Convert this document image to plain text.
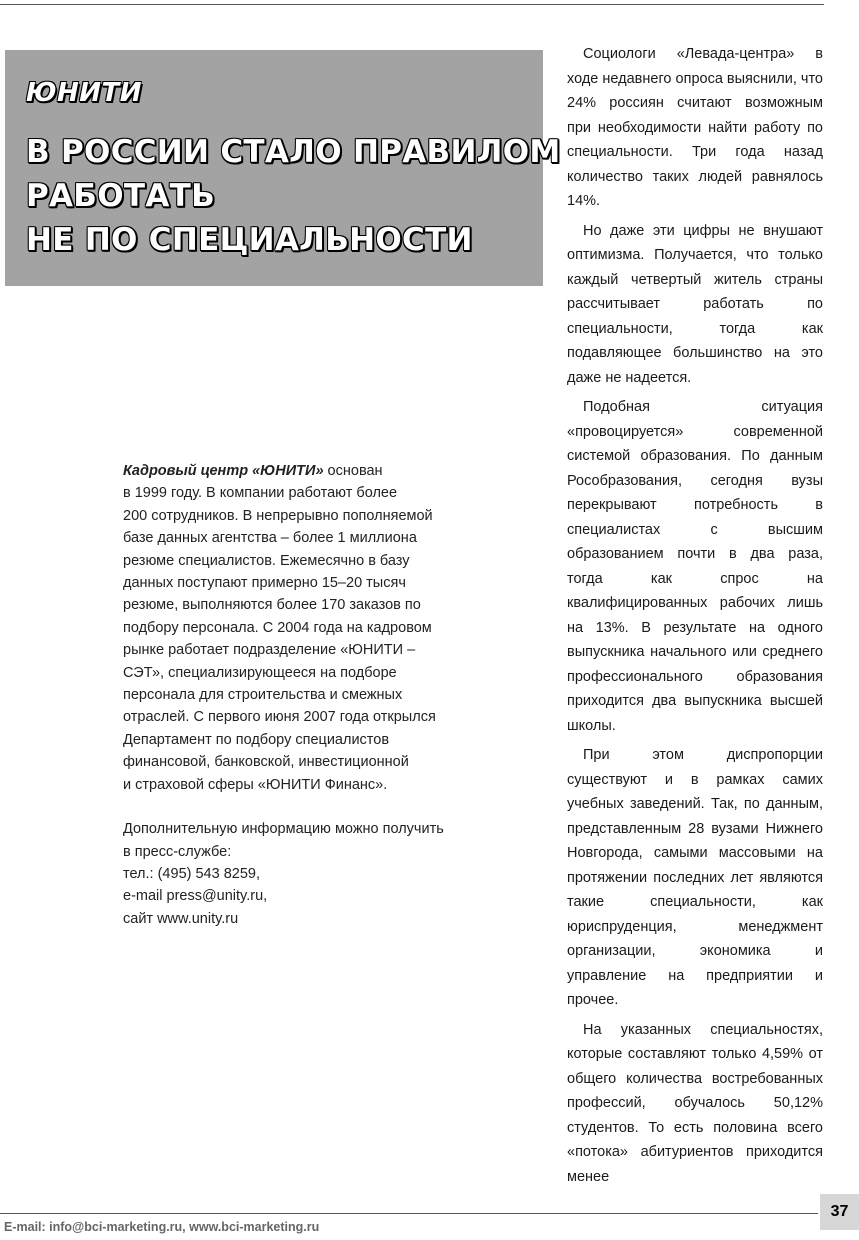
ЮНИТИ
В РОССИИ СТАЛО ПРАВИЛОМ
РАБОТАТЬ
НЕ ПО СПЕЦИАЛЬНОСТИ

Кадровый центр «ЮНИТИ» основан
в 1999 году. В компании работают более
200 сотрудников. В непрерывно пополняемой
базе данных агентства – более 1 миллиона
резюме специалистов. Ежемесячно в базу
данных поступают примерно 15–20 тысяч
резюме, выполняются более 170 заказов по
подбору персонала. С 2004 года на кадровом
рынке работает подразделение «ЮНИТИ –
СЭТ», специализирующееся на подборе
персонала для строительства и смежных
отраслей. С первого июня 2007 года открылся
Департамент по подбору специалистов
финансовой, банковской, инвестиционной
и страховой сферы «ЮНИТИ Финанс».

Дополнительную информацию можно получить
в пресс-службе:
тел.: (495) 543 8259,
e-mail press@unity.ru,
сайт www.unity.ru

Социологи «Левада-центра» в ходе недавнего опроса выяснили, что 24% россиян считают возможным при необходимости найти работу по специальности. Три года назад количество таких людей равнялось 14%.

Но даже эти цифры не внушают оптимизма. Получается, что только каждый четвертый житель страны рассчитывает работать по специальности, тогда как подавляющее большинство на это даже не надеется.

Подобная ситуация «провоцируется» современной системой образования. По данным Рособразования, сегодня вузы перекрывают потребность в специалистах с высшим образованием почти в два раза, тогда как спрос на квалифицированных рабочих лишь на 13%. В результате на одного выпускника начального или среднего профессионального образования приходится два выпускника высшей школы.

При этом диспропорции существуют и в рамках самих учебных заведений. Так, по данным, представленным 28 вузами Нижнего Новгорода, самыми массовыми на протяжении последних лет являются такие специальности, как юриспруденция, менеджмент организации, экономика и управление на предприятии и прочее.

На указанных специальностях, которые составляют только 4,59% от общего количества востребованных профессий, обучалось 50,12% студентов. То есть половина всего «потока» абитуриентов приходится менее

E-mail: info@bci-marketing.ru, www.bci-marketing.ru
37
